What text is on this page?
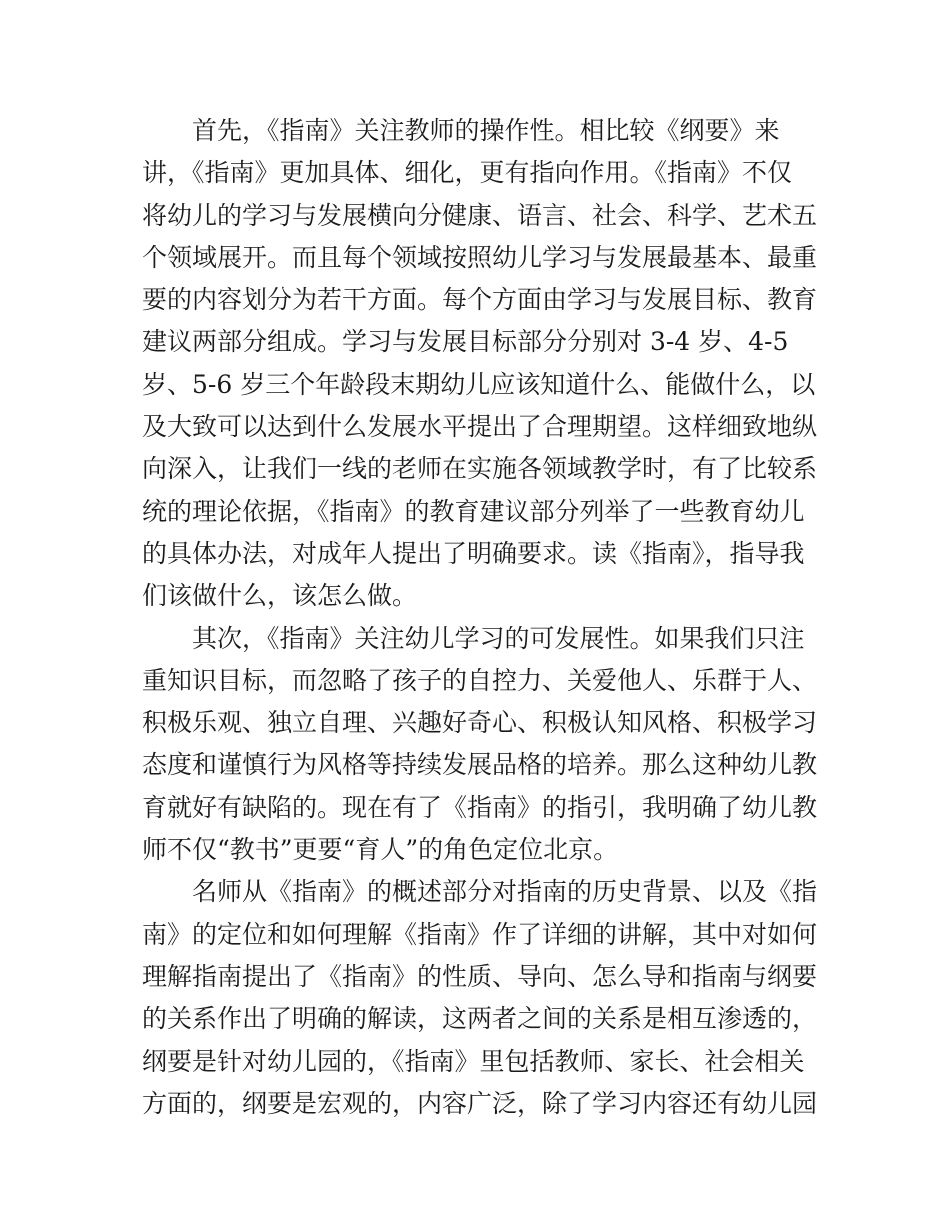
首先，《指南》关注教师的操作性。相比较《纲要》来

讲，《指南》更加具体、细化，更有指向作用。《指南》不仅

将幼儿的学习与发展横向分健康、语言、社会、科学、艺术五

个领域展开。而且每个领域按照幼儿学习与发展最基本、最重

要的内容划分为若干方面。每个方面由学习与发展目标、教育

建议两部分组成。学习与发展目标部分分别对 3-4 岁、4-5

岁、5-6 岁三个年龄段末期幼儿应该知道什么、能做什么，以

及大致可以达到什么发展水平提出了合理期望。这样细致地纵

向深入，让我们一线的老师在实施各领域教学时，有了比较系

统的理论依据，《指南》的教育建议部分列举了一些教育幼儿

的具体办法，对成年人提出了明确要求。读《指南》，指导我

们该做什么，该怎么做。

其次，《指南》关注幼儿学习的可发展性。如果我们只注

重知识目标，而忽略了孩子的自控力、关爱他人、乐群于人、

积极乐观、独立自理、兴趣好奇心、积极认知风格、积极学习

态度和谨慎行为风格等持续发展品格的培养。那么这种幼儿教

育就好有缺陷的。现在有了《指南》的指引，我明确了幼儿教

师不仅“教书”更要“育人”的角色定位北京。

名师从《指南》的概述部分对指南的历史背景、以及《指

南》的定位和如何理解《指南》作了详细的讲解，其中对如何

理解指南提出了《指南》的性质、导向、怎么导和指南与纲要

的关系作出了明确的解读，这两者之间的关系是相互渗透的，

纲要是针对幼儿园的，《指南》里包括教师、家长、社会相关

方面的，纲要是宏观的，内容广泛，除了学习内容还有幼儿园
